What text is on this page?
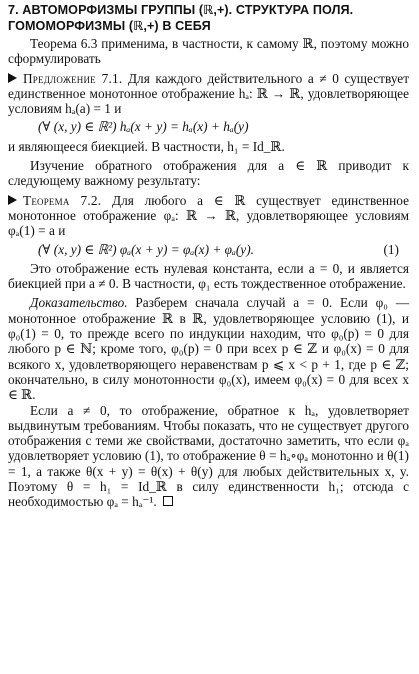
7. АВТОМОРФИЗМЫ ГРУППЫ (ℝ,+). СТРУКТУРА ПОЛЯ.
ГОМОМОРФИЗМЫ (ℝ,+) В СЕБЯ

Теорема 6.3 применима, в частности, к самому ℝ, поэтому можно сформулировать

Предложение 7.1. Для каждого действительного a ≠ 0 существует единственное монотонное отображение hₐ: ℝ → ℝ, удовлетворяющее условиям hₐ(a) = 1 и

(∀ (x, y) ∈ ℝ²) hₐ(x + y) = hₐ(x) + hₐ(y)

и являющееся биекцией. В частности, h₁ = Id_ℝ.

Изучение обратного отображения для a ∈ ℝ приводит к следующему важному результату:

Теорема 7.2. Для любого a ∈ ℝ существует единственное монотонное отображение φₐ: ℝ → ℝ, удовлетворяющее условиям φₐ(1) = a и

(∀ (x, y) ∈ ℝ²) φₐ(x + y) = φₐ(x) + φₐ(y).	(1)

Это отображение есть нулевая константа, если a = 0, и является биекцией при a ≠ 0. В частности, φ₁ есть тождественное отображение.

Доказательство. Разберем сначала случай a = 0. Если φ₀ — монотонное отображение ℝ в ℝ, удовлетворяющее условию (1), и φ₀(1) = 0, то прежде всего по индукции находим, что φ₀(p) = 0 для любого p ∈ ℕ; кроме того, φ₀(p) = 0 при всех p ∈ ℤ и φ₀(x) = 0 для всякого x, удовлетворяющего неравенствам p ⩽ x < p + 1, где p ∈ ℤ; окончательно, в силу монотонности φ₀(x), имеем φ₀(x) = 0 для всех x ∈ ℝ.

Если a ≠ 0, то отображение, обратное к hₐ, удовлетворяет выдвинутым требованиям. Чтобы показать, что не существует другого отображения с теми же свойствами, достаточно заметить, что если φₐ удовлетворяет условию (1), то отображение θ = hₐ∘φₐ монотонно и θ(1) = 1, а также θ(x + y) = θ(x) + θ(y) для любых действительных x, y. Поэтому θ = h₁ = Id_ℝ в силу единственности h₁; отсюда с необходимостью φₐ = hₐ⁻¹.
